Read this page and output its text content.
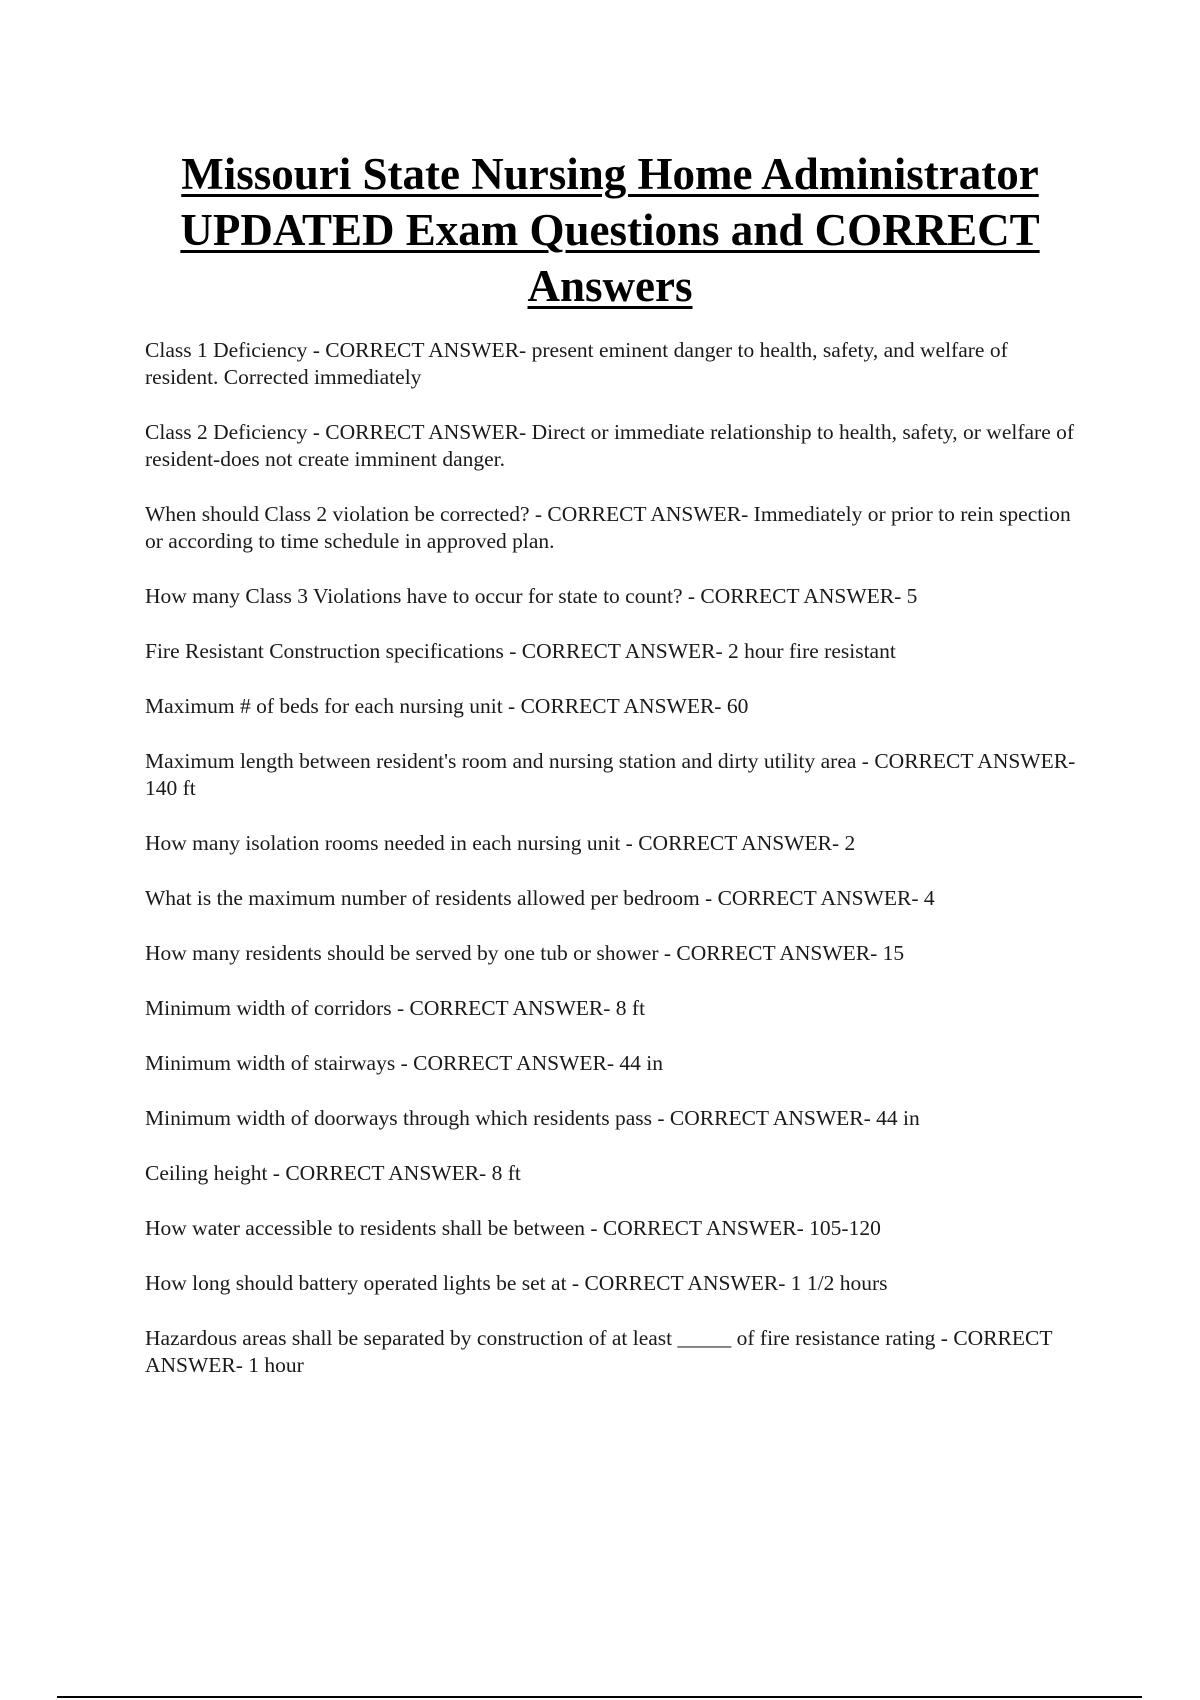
Missouri State Nursing Home Administrator UPDATED Exam Questions and CORRECT Answers
Class 1 Deficiency - CORRECT ANSWER- present eminent danger to health, safety, and welfare of resident. Corrected immediately
Class 2 Deficiency - CORRECT ANSWER- Direct or immediate relationship to health, safety, or welfare of resident-does not create imminent danger.
When should Class 2 violation be corrected? - CORRECT ANSWER- Immediately or prior to rein spection or according to time schedule in approved plan.
How many Class 3 Violations have to occur for state to count? - CORRECT ANSWER- 5
Fire Resistant Construction specifications - CORRECT ANSWER- 2 hour fire resistant
Maximum # of beds for each nursing unit - CORRECT ANSWER- 60
Maximum length between resident's room and nursing station and dirty utility area - CORRECT ANSWER- 140 ft
How many isolation rooms needed in each nursing unit - CORRECT ANSWER- 2
What is the maximum number of residents allowed per bedroom - CORRECT ANSWER- 4
How many residents should be served by one tub or shower - CORRECT ANSWER- 15
Minimum width of corridors - CORRECT ANSWER- 8 ft
Minimum width of stairways - CORRECT ANSWER- 44 in
Minimum width of doorways through which residents pass - CORRECT ANSWER- 44 in
Ceiling height - CORRECT ANSWER- 8 ft
How water accessible to residents shall be between - CORRECT ANSWER- 105-120
How long should battery operated lights be set at - CORRECT ANSWER- 1 1/2 hours
Hazardous areas shall be separated by construction of at least _____ of fire resistance rating - CORRECT ANSWER- 1 hour
